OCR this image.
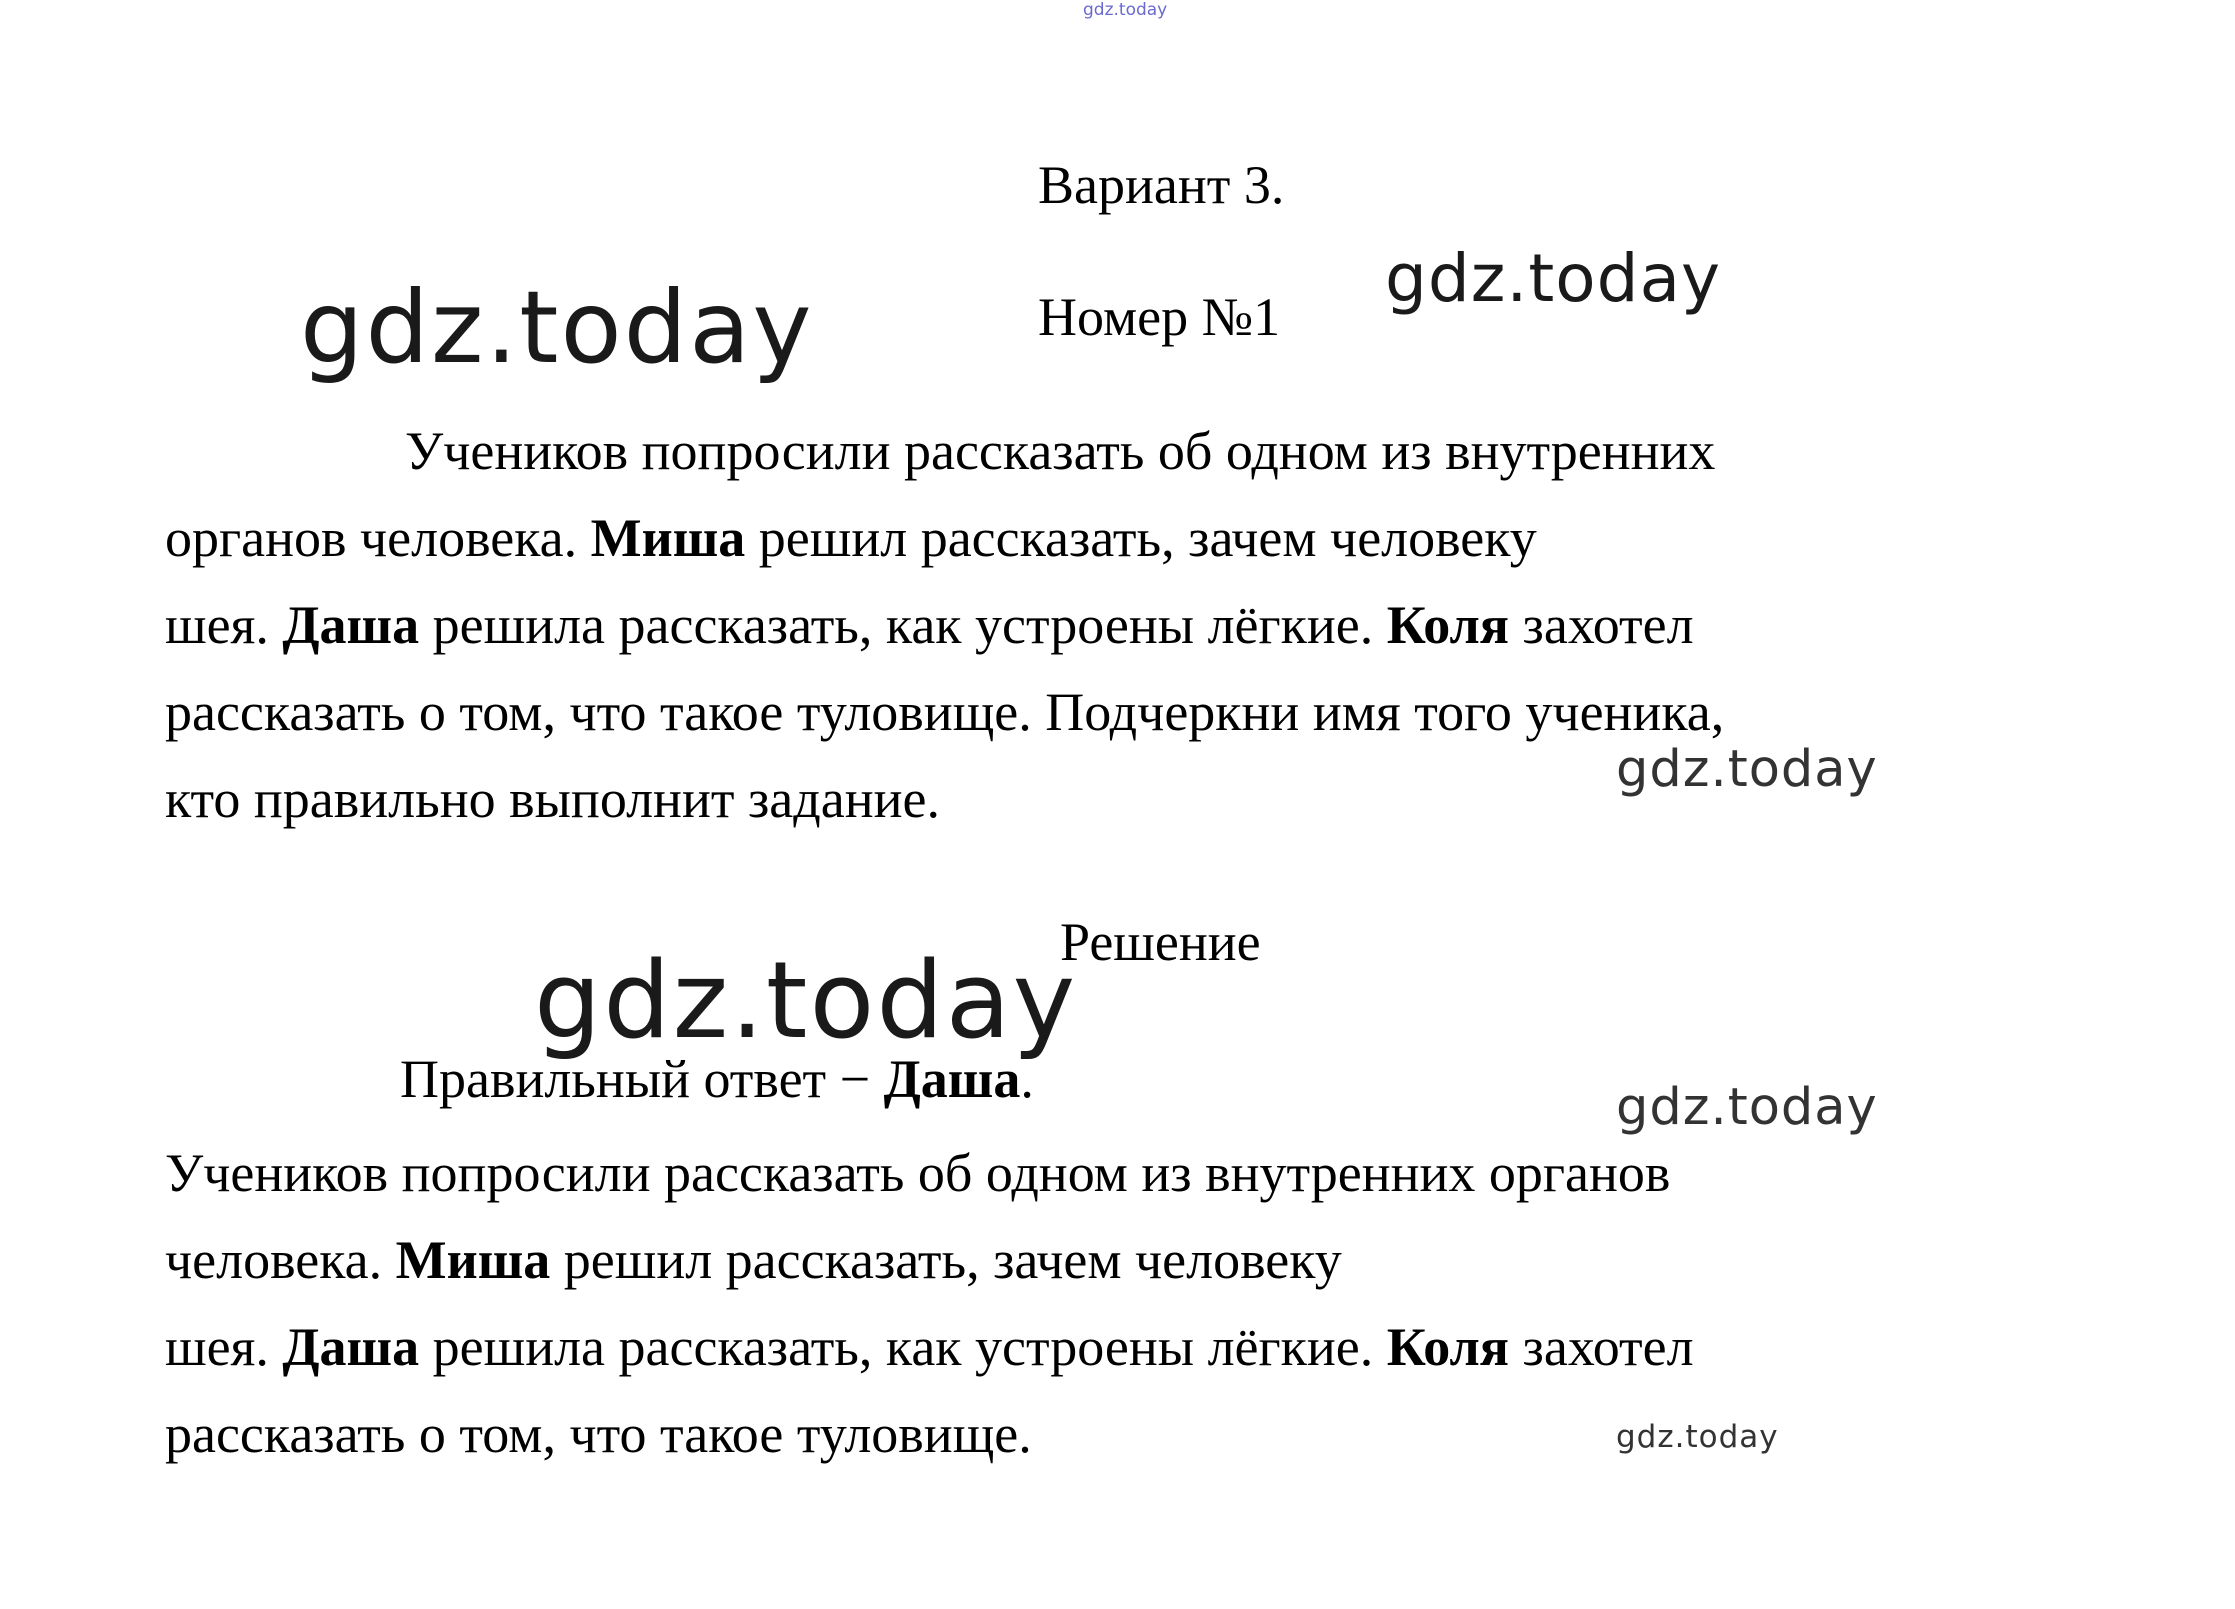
gdz.today
Вариант 3.
gdz.today
gdz.today	Номер №1

Учеников попросили рассказать об одном из внутренних
органов человека. Миша решил рассказать, зачем человеку
шея. Даша решила рассказать, как устроены лёгкие. Коля захотел
рассказать о том, что такое туловище. Подчеркни имя того ученика,
кто правильно выполнит задание.	gdz.today
Решение
gdz.today
Правильный ответ − Даша.	gdz.today

Учеников попросили рассказать об одном из внутренних органов
человека. Миша решил рассказать, зачем человеку
шея. Даша решила рассказать, как устроены лёгкие. Коля захотел
рассказать о том, что такое туловище.	gdz.today
